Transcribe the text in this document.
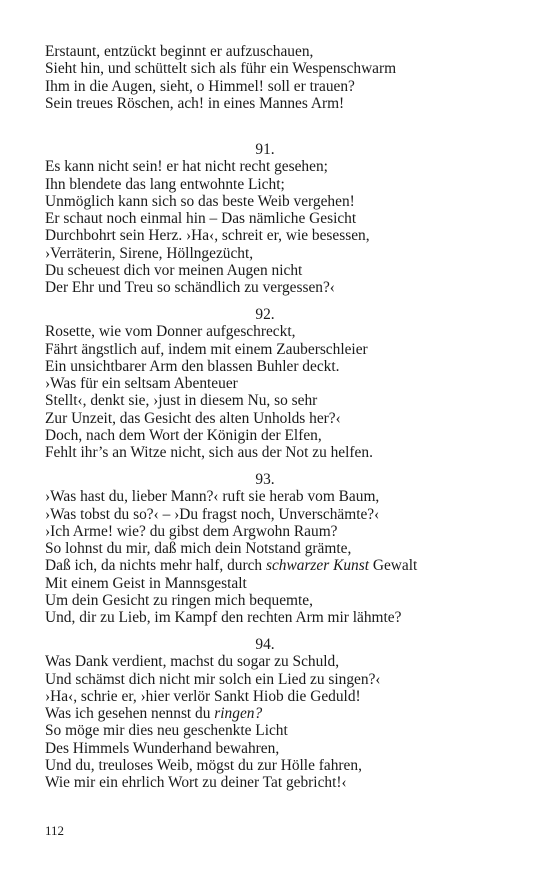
Erstaunt, entzückt beginnt er aufzuschauen,
Sieht hin, und schüttelt sich als führ ein Wespenschwarm
Ihm in die Augen, sieht, o Himmel! soll er trauen?
Sein treues Röschen, ach! in eines Mannes Arm!
91.
Es kann nicht sein! er hat nicht recht gesehen;
Ihn blendete das lang entwohnte Licht;
Unmöglich kann sich so das beste Weib vergehen!
Er schaut noch einmal hin – Das nämliche Gesicht
Durchbohrt sein Herz. ›Ha‹, schreit er, wie besessen,
›Verräterin, Sirene, Höllngezücht,
Du scheuest dich vor meinen Augen nicht
Der Ehr und Treu so schändlich zu vergessen?‹
92.
Rosette, wie vom Donner aufgeschreckt,
Fährt ängstlich auf, indem mit einem Zauberschleier
Ein unsichtbarer Arm den blassen Buhler deckt.
›Was für ein seltsam Abenteuer
Stellt‹, denkt sie, ›just in diesem Nu, so sehr
Zur Unzeit, das Gesicht des alten Unholds her?‹
Doch, nach dem Wort der Königin der Elfen,
Fehlt ihr’s an Witze nicht, sich aus der Not zu helfen.
93.
›Was hast du, lieber Mann?‹ ruft sie herab vom Baum,
›Was tobst du so?‹ – ›Du fragst noch, Unverschämte?‹
›Ich Arme! wie? du gibst dem Argwohn Raum?
So lohnst du mir, daß mich dein Notstand grämte,
Daß ich, da nichts mehr half, durch schwarzer Kunst Gewalt
Mit einem Geist in Mannsgestalt
Um dein Gesicht zu ringen mich bequemte,
Und, dir zu Lieb, im Kampf den rechten Arm mir lähmte?
94.
Was Dank verdient, machst du sogar zu Schuld,
Und schämst dich nicht mir solch ein Lied zu singen?‹
›Ha‹, schrie er, ›hier verlör Sankt Hiob die Geduld!
Was ich gesehen nennst du ringen?
So möge mir dies neu geschenkte Licht
Des Himmels Wunderhand bewahren,
Und du, treuloses Weib, mögst du zur Hölle fahren,
Wie mir ein ehrlich Wort zu deiner Tat gebricht!‹
112
